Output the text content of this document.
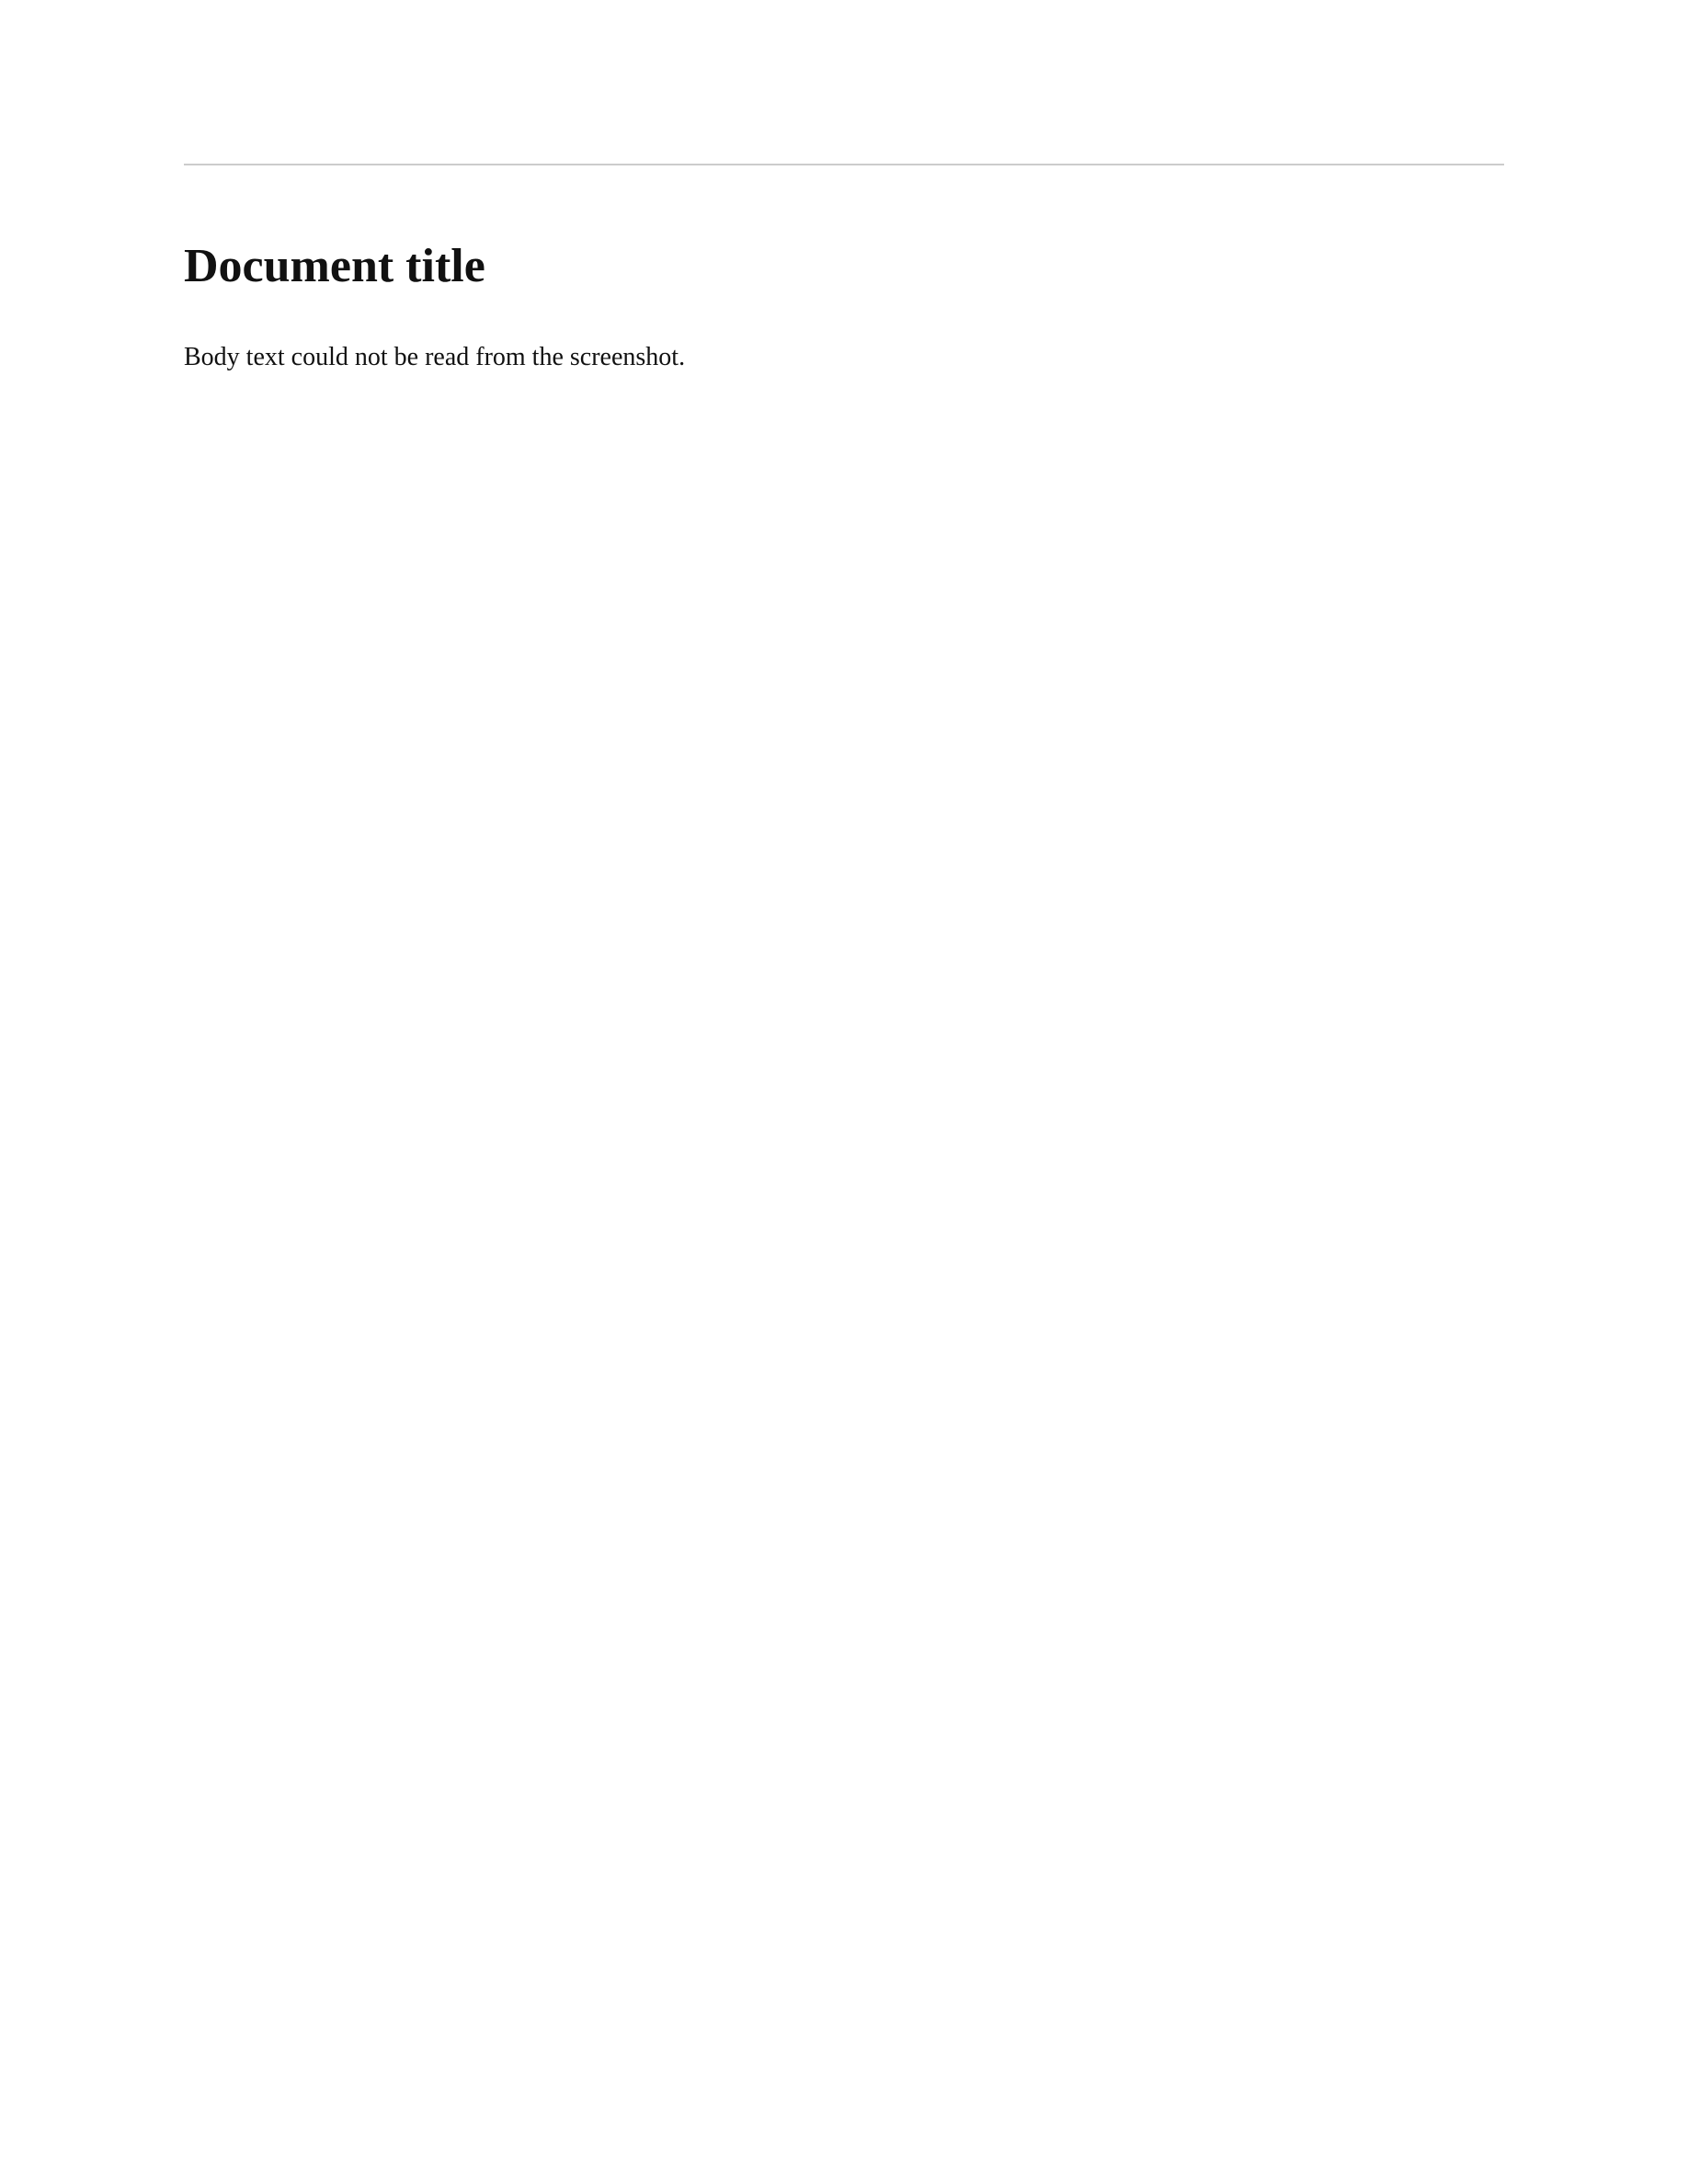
Document title

Body text could not be read from the screenshot.
